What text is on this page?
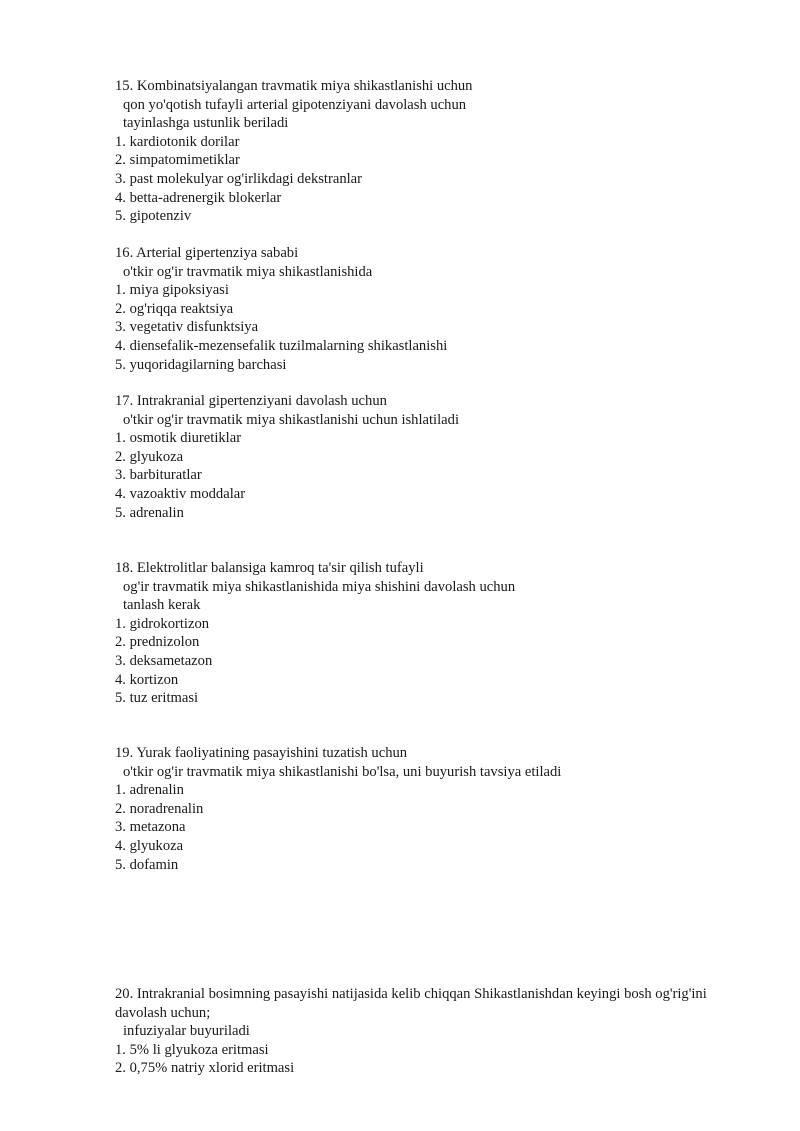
15. Kombinatsiyalangan travmatik miya shikastlanishi uchun
qon yo'qotish tufayli arterial gipotenziyani davolash uchun
tayinlashga ustunlik beriladi
1. kardiotonik dorilar
2. simpatomimetiklar
3. past molekulyar og'irlikdagi dekstranlar
4. betta-adrenergik blokerlar
5. gipotenziv
16. Arterial gipertenziya sababi
o'tkir og'ir travmatik miya shikastlanishida
1. miya gipoksiyasi
2. og'riqqa reaktsiya
3. vegetativ disfunktsiya
4. diensefalik-mezensefalik tuzilmalarning shikastlanishi
5. yuqoridagilarning barchasi
17. Intrakranial gipertenziyani davolash uchun
o'tkir og'ir travmatik miya shikastlanishi uchun ishlatiladi
1. osmotik diuretiklar
2. glyukoza
3. barbituratlar
4. vazoaktiv moddalar
5. adrenalin
18. Elektrolitlar balansiga kamroq ta'sir qilish tufayli
og'ir travmatik miya shikastlanishida miya shishini davolash uchun
tanlash kerak
1. gidrokortizon
2. prednizolon
3. deksametazon
4. kortizon
5. tuz eritmasi
19. Yurak faoliyatining pasayishini tuzatish uchun
o'tkir og'ir travmatik miya shikastlanishi bo'lsa, uni buyurish tavsiya etiladi
1. adrenalin
2. noradrenalin
3. metazona
4. glyukoza
5. dofamin
20. Intrakranial bosimning pasayishi natijasida kelib chiqqan Shikastlanishdan keyingi bosh og'rig'ini davolash uchun;
infuziyalar buyuriladi
1. 5% li glyukoza eritmasi
2. 0,75% natriy xlorid eritmasi
